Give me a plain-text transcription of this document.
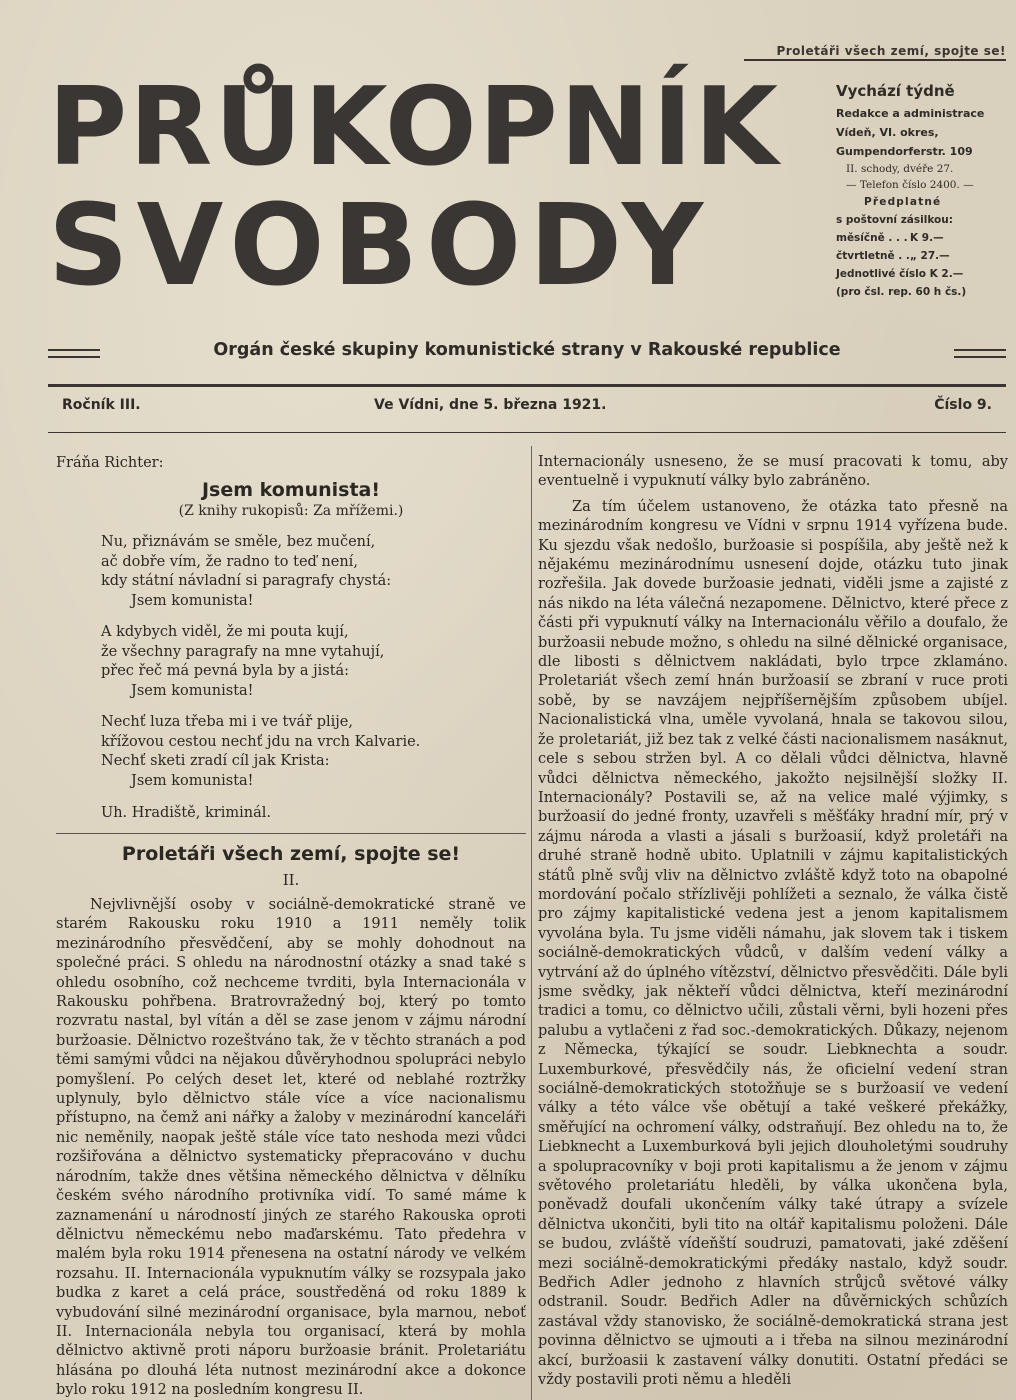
Proletáři všech zemí, spojte se!
PRŮKOPNÍK
SVOBODY
Vychází týdně
Redakce a administrace
Vídeň, VI. okres,
Gumpendorferstr. 109
II. schody, dvéře 27.
— Telefon číslo 2400. —
Předplatné
s poštovní zásilkou:
měsíčně . . . K 9.—
čtvrtletně . .„ 27.—
Jednotlivé číslo K 2.—
(pro čsl. rep. 60 h čs.)
Orgán české skupiny komunistické strany v Rakouské republice
Ročník III.	Ve Vídni, dne 5. března 1921.	Číslo 9.
Fráňa Richter:
Jsem komunista!
(Z knihy rukopisů: Za mřížemi.)
Nu, přiznávám se směle, bez mučení,
ač dobře vím, že radno to teď není,
kdy státní návladní si paragrafy chystá:
Jsem komunista!
A kdybych viděl, že mi pouta kují,
že všechny paragrafy na mne vytahují,
přec řeč má pevná byla by a jistá:
Jsem komunista!
Nechť luza třeba mi i ve tvář plije,
křížovou cestou nechť jdu na vrch Kalvarie.
Nechť sketi zradí cíl jak Krista:
Jsem komunista!
Uh. Hradiště, kriminál.
Proletáři všech zemí, spojte se!
II.

Nejvlivnější osoby v sociálně-demokratické straně ve starém Rakousku roku 1910 a 1911 neměly tolik mezinárodního přesvědčení, aby se mohly dohodnout na společné práci. S ohledu na národnostní otázky a snad také s ohledu osobního, což nechceme tvrditi, byla Internacionála v Rakousku pohřbena. Bratrovražedný boj, který po tomto rozvratu nastal, byl vítán a děl se zase jenom v zájmu národní buržoasie. Dělnictvo rozeštváno tak, že v těchto stranách a pod těmi samými vůdci na nějakou důvěryhodnou spolupráci nebylo pomyšlení. Po celých deset let, které od neblahé roztržky uplynuly, bylo dělnictvo stále více a více nacionalismu přístupno, na čemž ani nářky a žaloby v mezinárodní kanceláři nic neměnily, naopak ještě stále více tato neshoda mezi vůdci rozšiřována a dělnictvo systematicky přepracováno v duchu národním, takže dnes většina německého dělnictva v dělníku českém svého národního protivníka vidí. To samé máme k zaznamenání u národností jiných ze starého Rakouska oproti dělnictvu německému nebo maďarskému. Tato předehra v malém byla roku 1914 přenesena na ostatní národy ve velkém rozsahu. II. Internacionála vypuknutím války se rozsypala jako budka z karet a celá práce, soustředěná od roku 1889 k vybudování silné mezinárodní organisace, byla marnou, neboť II. Internacionála nebyla tou organisací, která by mohla dělnictvo aktivně proti náporu buržoasie bránit. Proletariátu hlásána po dlouhá léta nutnost mezinárodní akce a dokonce bylo roku 1912 na posledním kongresu II.

Internacionály usneseno, že se musí pracovati k tomu, aby eventuelně i vypuknutí války bylo zabráněno.

Za tím účelem ustanoveno, že otázka tato přesně na mezinárodním kongresu ve Vídni v srpnu 1914 vyřízena bude. Ku sjezdu však nedošlo, buržoasie si pospíšila, aby ještě než k nějakému mezinárodnímu usnesení dojde, otázku tuto jinak rozřešila. Jak dovede buržoasie jednati, viděli jsme a zajisté z nás nikdo na léta válečná nezapomene. Dělnictvo, které přece z části při vypuknutí války na Internacionálu věřilo a doufalo, že buržoasii nebude možno, s ohledu na silné dělnické organisace, dle libosti s dělnictvem nakládati, bylo trpce zklamáno. Proletariát všech zemí hnán buržoasií se zbraní v ruce proti sobě, by se navzájem nejpříšernějším způsobem ubíjel. Nacionalistická vlna, uměle vyvolaná, hnala se takovou silou, že proletariát, již bez tak z velké části nacionalismem nasáknut, cele s sebou stržen byl. A co dělali vůdci dělnictva, hlavně vůdci dělnictva německého, jakožto nejsilnější složky II. Internacionály? Postavili se, až na velice malé výjimky, s buržoasií do jedné fronty, uzavřeli s měšťáky hradní mír, prý v zájmu národa a vlasti a jásali s buržoasií, když proletáři na druhé straně hodně ubito. Uplatnili v zájmu kapitalistických států plně svůj vliv na dělnictvo zvláště když toto na obapolné mordování počalo střízlivěji pohlížeti a seznalo, že válka čistě pro zájmy kapitalistické vedena jest a jenom kapitalismem vyvolána byla. Tu jsme viděli námahu, jak slovem tak i tiskem sociálně-demokratických vůdců, v dalším vedení války a vytrvání až do úplného vítězství, dělnictvo přesvědčiti. Dále byli jsme svědky, jak někteří vůdci dělnictva, kteří mezinárodní tradici a tomu, co dělnictvo učili, zůstali věrni, byli hozeni přes palubu a vytlačeni z řad soc.-demokratických. Důkazy, nejenom z Německa, týkající se soudr. Liebknechta a soudr. Luxemburkové, přesvědčily nás, že oficielní vedení stran sociálně-demokratických stotožňuje se s buržoasií ve vedení války a této válce vše obětují a také veškeré překážky, směřující na ochromení války, odstraňují. Bez ohledu na to, že Liebknecht a Luxemburková byli jejich dlouholetými soudruhy a spolupracovníky v boji proti kapitalismu a že jenom v zájmu světového proletariátu hleděli, by válka ukončena byla, poněvadž doufali ukončením války také útrapy a svízele dělnictva ukončiti, byli tito na oltář kapitalismu položeni. Dále se budou, zvláště vídeňští soudruzi, pamatovati, jaké zděšení mezi sociálně-demokratickými předáky nastalo, když soudr. Bedřich Adler jednoho z hlavních strůjců světové války odstranil. Soudr. Bedřich Adler na důvěrnických schůzích zastával vždy stanovisko, že sociálně-demokratická strana jest povinna dělnictvo se ujmouti a i třeba na silnou mezinárodní akcí, buržoasii k zastavení války donutiti. Ostatní předáci se vždy postavili proti němu a hleděli
